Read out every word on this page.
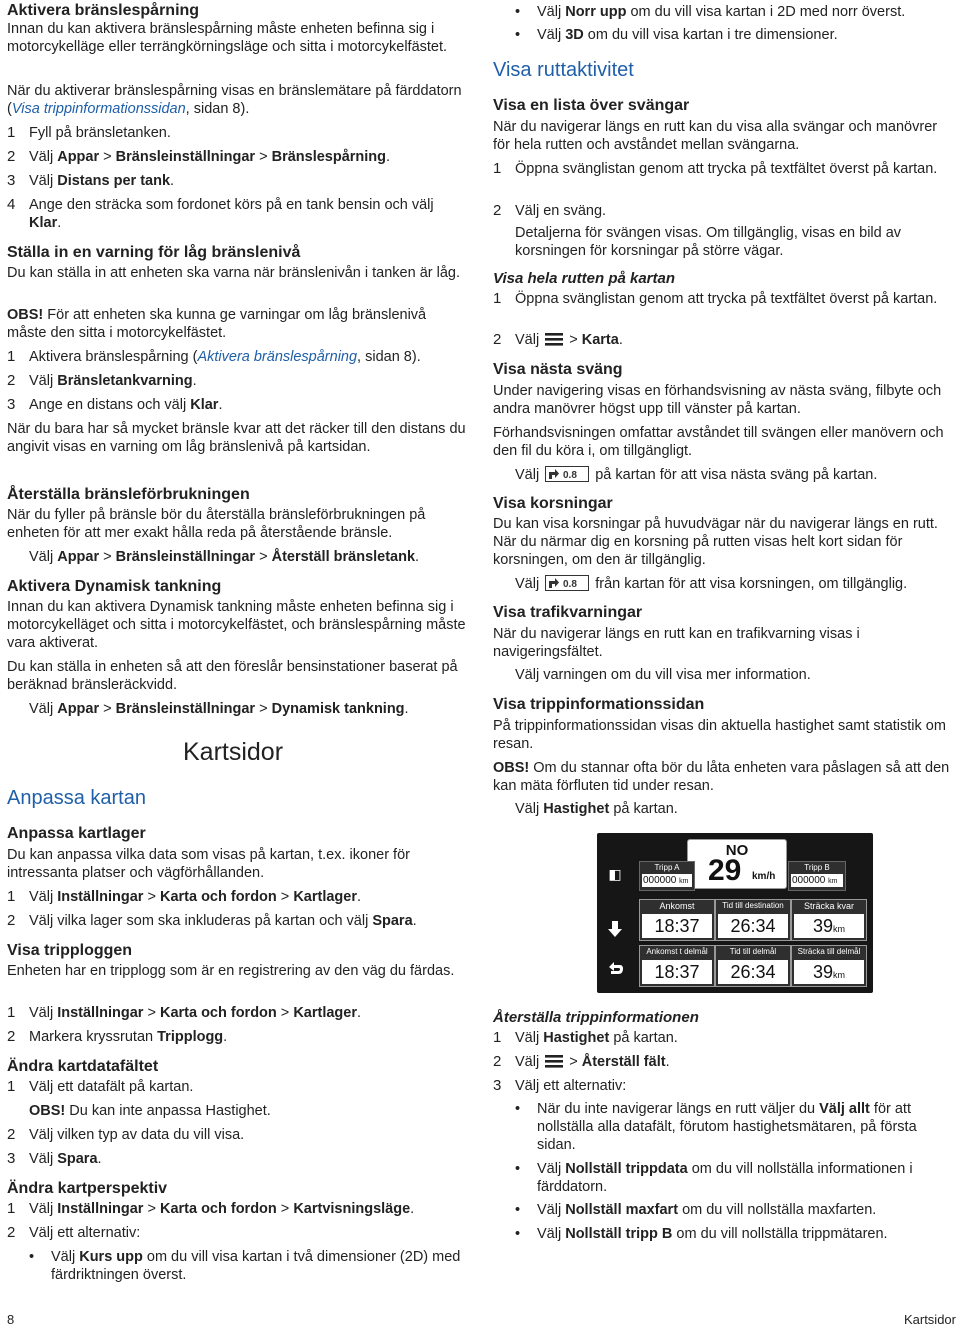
Aktivera bränslespårning

Innan du kan aktivera bränslespårning måste enheten befinna sig i motorcykelläge eller terrängkörningsläge och sitta i motorcykelfästet.

När du aktiverar bränslespårning visas en bränslemätare på färddatorn (Visa trippinformationssidan, sidan 8).

1 Fyll på bränsletanken.
2 Välj Appar > Bränsleinställningar > Bränslespårning.
3 Välj Distans per tank.
4 Ange den sträcka som fordonet körs på en tank bensin och välj Klar.
Ställa in en varning för låg bränslenivå

Du kan ställa in att enheten ska varna när bränslenivån i tanken är låg.

OBS! För att enheten ska kunna ge varningar om låg bränslenivå måste den sitta i motorcykelfästet.

1 Aktivera bränslespårning (Aktivera bränslespårning, sidan 8).
2 Välj Bränsletankvarning.
3 Ange en distans och välj Klar.

När du bara har så mycket bränsle kvar att det räcker till den distans du angivit visas en varning om låg bränslenivå på kartsidan.

Återställa bränsleförbrukningen

När du fyller på bränsle bör du återställa bränsleförbrukningen på enheten för att mer exakt hålla reda på återstående bränsle.

Välj Appar > Bränsleinställningar > Återställ bränsletank.

Aktivera Dynamisk tankning

Innan du kan aktivera Dynamisk tankning måste enheten befinna sig i motorcykelläget och sitta i motorcykelfästet, och bränslespårning måste vara aktiverat.

Du kan ställa in enheten så att den föreslår bensinstationer baserat på beräknad bränsleräckvidd.

Välj Appar > Bränsleinställningar > Dynamisk tankning.

Anpassa kartan
Anpassa kartlager

Du kan anpassa vilka data som visas på kartan, t.ex. ikoner för intressanta platser och vägförhållanden.

1 Välj Inställningar > Karta och fordon > Kartlager.
2 Välj vilka lager som ska inkluderas på kartan och välj Spara.
Visa tripploggen

Enheten har en tripplogg som är en registrering av den väg du färdas.

1 Välj Inställningar > Karta och fordon > Kartlager.
2 Markera kryssrutan Tripplogg.
Ändra kartdatafältet
1 Välj ett datafält på kartan.

OBS! Du kan inte anpassa Hastighet.

2 Välj vilken typ av data du vill visa.
3 Välj Spara.
Ändra kartperspektiv
1 Välj Inställningar > Karta och fordon > Kartvisningsläge.
2 Välj ett alternativ:
•	Välj Kurs upp om du vill visa kartan i två dimensioner (2D) med färdriktningen överst.
Kartsidor
•	Välj Norr upp om du vill visa kartan i 2D med norr överst.
•	Välj 3D om du vill visa kartan i tre dimensioner.
Visa ruttaktivitet
Visa en lista över svängar

När du navigerar längs en rutt kan du visa alla svängar och manövrer för hela rutten och avståndet mellan svängarna.

1 Öppna svänglistan genom att trycka på textfältet överst på kartan.
2 Välj en sväng.

Detaljerna för svängen visas. Om tillgänglig, visas en bild av korsningen för korsningar på större vägar.

Visa hela rutten på kartan
1 Öppna svänglistan genom att trycka på textfältet överst på kartan.
2 Välj  > Karta.
Visa nästa sväng

Under navigering visas en förhandsvisning av nästa sväng, filbyte och andra manövrer högst upp till vänster på kartan.

Förhandsvisningen omfattar avståndet till svängen eller manövern och den fil du köra i, om tillgängligt.

Välj 0.8 på kartan för att visa nästa sväng på kartan.

Visa korsningar

Du kan visa korsningar på huvudvägar när du navigerar längs en rutt. När du närmar dig en korsning på rutten visas helt kort sidan för korsningen, om den är tillgänglig.

Välj 0.8 från kartan för att visa korsningen, om tillgänglig.

Visa trafikvarningar

När du navigerar längs en rutt kan en trafikvarning visas i navigeringsfältet.

Välj varningen om du vill visa mer information.

Visa trippinformationssidan

På trippinformationssidan visas din aktuella hastighet samt statistik om resan.

OBS! Om du stannar ofta bör du låta enheten vara påslagen så att den kan mäta förfluten tid under resan.

Välj Hastighet på kartan.

Återställa trippinformationen
1 Välj Hastighet på kartan.
2 Välj  > Återställ fält.
3 Välj ett alternativ:
•	När du inte navigerar längs en rutt väljer du Välj allt för att nollställa alla datafält, förutom hastighetsmätaren, på första sidan.
•	Välj Nollställ trippdata om du vill nollställa informationen i färddatorn.
•	Välj Nollställ maxfart om du vill nollställa maxfarten.
•	Välj Nollställ tripp B om du vill nollställa trippmätaren.
NO
29 km/h
Tripp A
000000 km
Tripp B
000000 km
◧
Ankomst
18:37
Tid till destination
26:34
Sträcka kvar
39km
Ankomst t delmål
18:37
Tid till delmål
26:34
Sträcka till delmål
39km
8	Kartsidor
